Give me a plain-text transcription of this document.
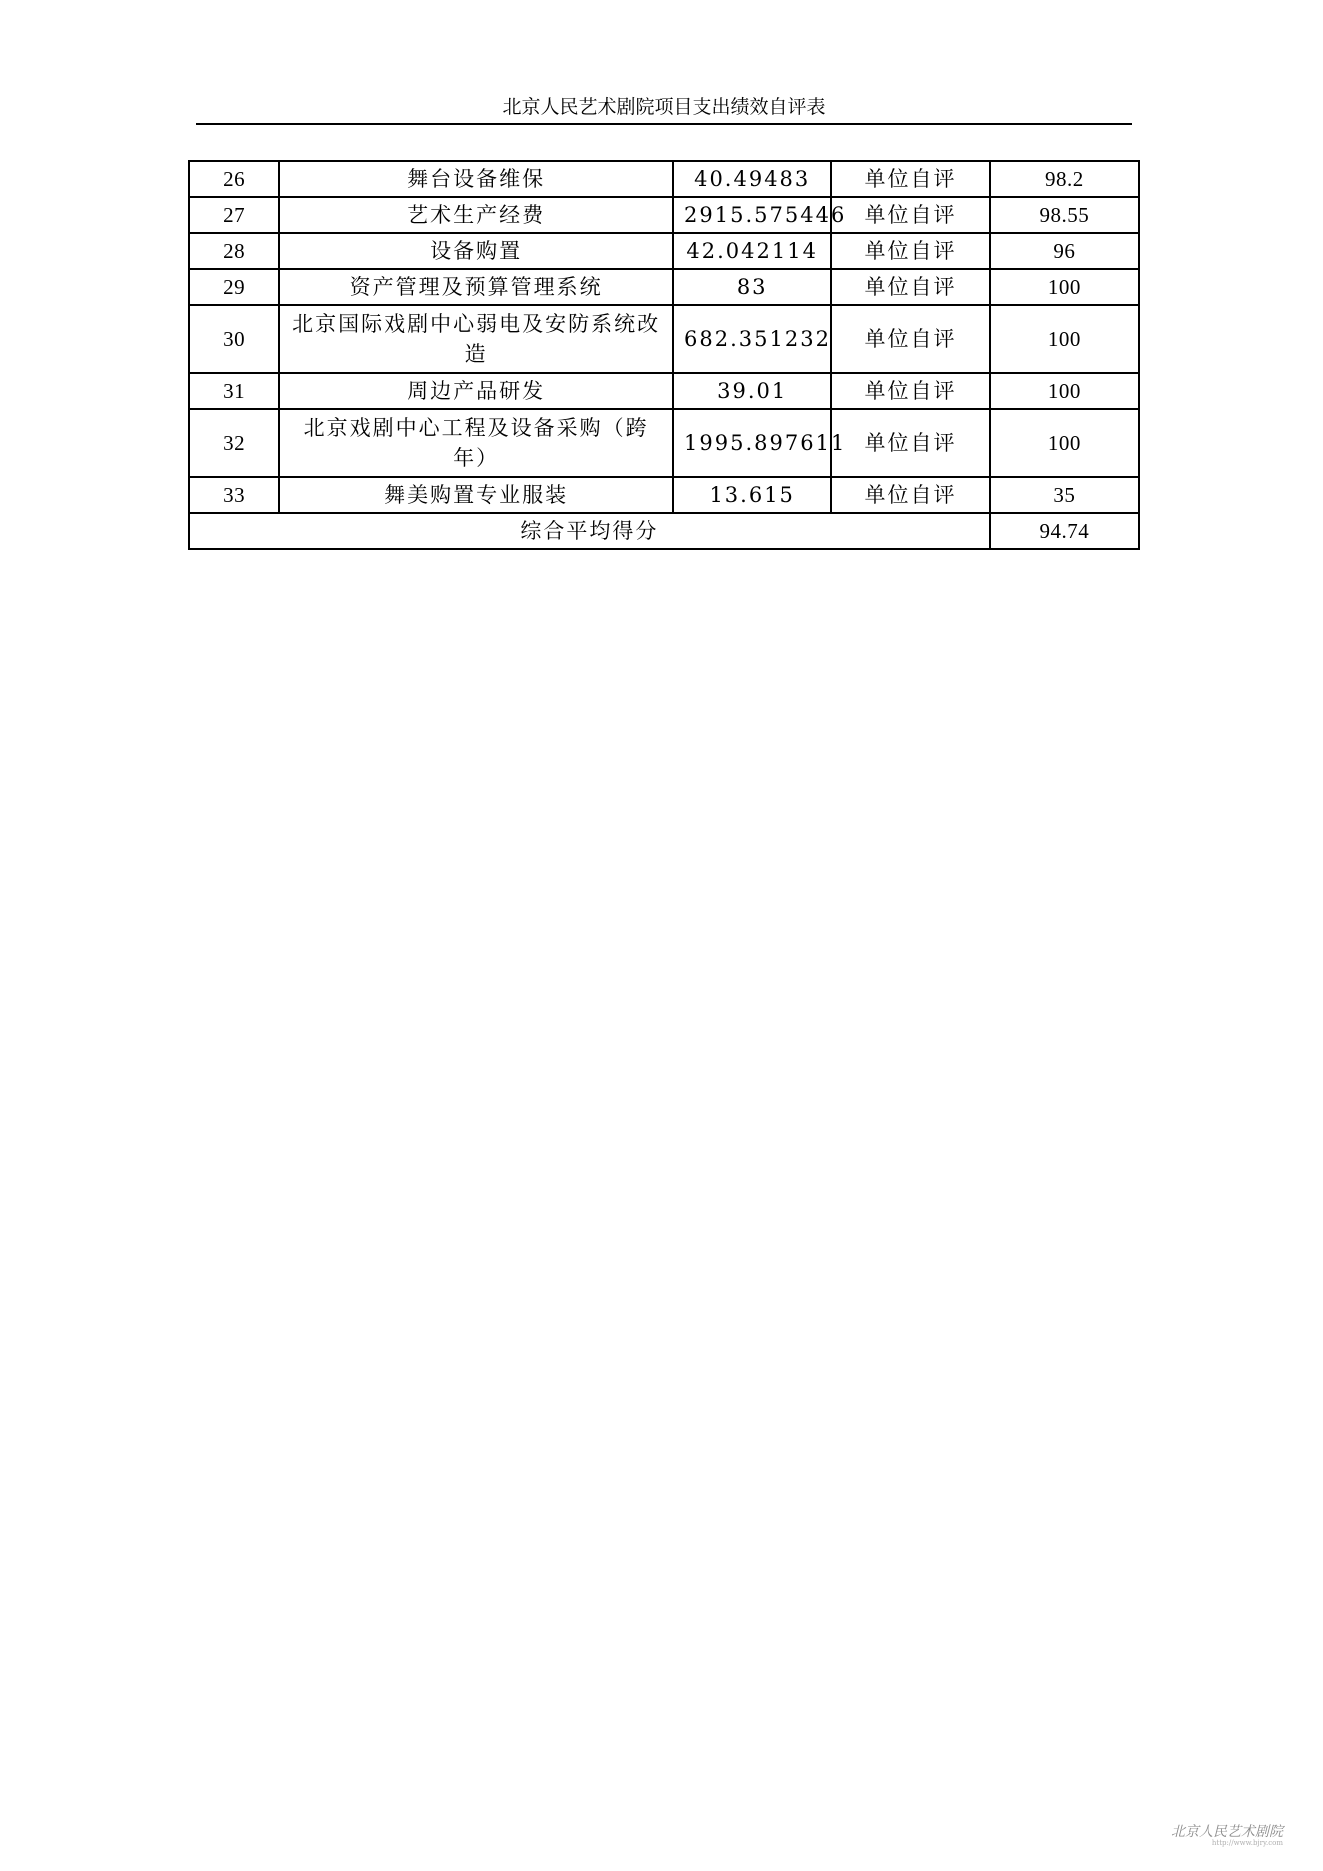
北京人民艺术剧院项目支出绩效自评表
26	舞台设备维保	40.49483	单位自评	98.2
27	艺术生产经费	2915.575446	单位自评	98.55
28	设备购置	42.042114	单位自评	96
29	资产管理及预算管理系统	83	单位自评	100
30	北京国际戏剧中心弱电及安防系统改造	682.351232	单位自评	100
31	周边产品研发	39.01	单位自评	100
32	北京戏剧中心工程及设备采购（跨年）	1995.897611	单位自评	100
33	舞美购置专业服装	13.615	单位自评	35
综合平均得分				94.74
北京人民艺术剧院
http://www.bjry.com
